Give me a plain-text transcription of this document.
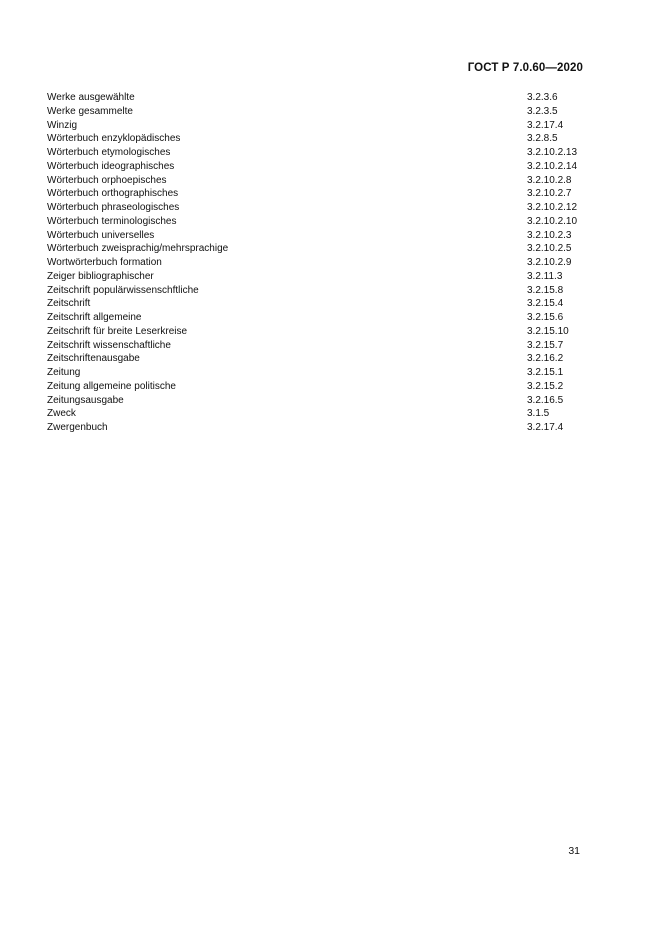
ГОСТ Р 7.0.60—2020
Werke ausgewählte	3.2.3.6
Werke gesammelte	3.2.3.5
Winzig	3.2.17.4
Wörterbuch enzyklopädisches	3.2.8.5
Wörterbuch etymologisches	3.2.10.2.13
Wörterbuch ideographisches	3.2.10.2.14
Wörterbuch orphoepisches	3.2.10.2.8
Wörterbuch orthographisches	3.2.10.2.7
Wörterbuch phraseologisches	3.2.10.2.12
Wörterbuch terminologisches	3.2.10.2.10
Wörterbuch universelles	3.2.10.2.3
Wörterbuch zweisprachig/mehrsprachige	3.2.10.2.5
Wortwörterbuch formation	3.2.10.2.9
Zeiger bibliographischer	3.2.11.3
Zeitschrift populärwissenschftliche	3.2.15.8
Zeitschrift	3.2.15.4
Zeitschrift allgemeine	3.2.15.6
Zeitschrift für breite Leserkreise	3.2.15.10
Zeitschrift wissenschaftliche	3.2.15.7
Zeitschriftenausgabe	3.2.16.2
Zeitung	3.2.15.1
Zeitung allgemeine politische	3.2.15.2
Zeitungsausgabe	3.2.16.5
Zweck	3.1.5
Zwergenbuch	3.2.17.4
31
